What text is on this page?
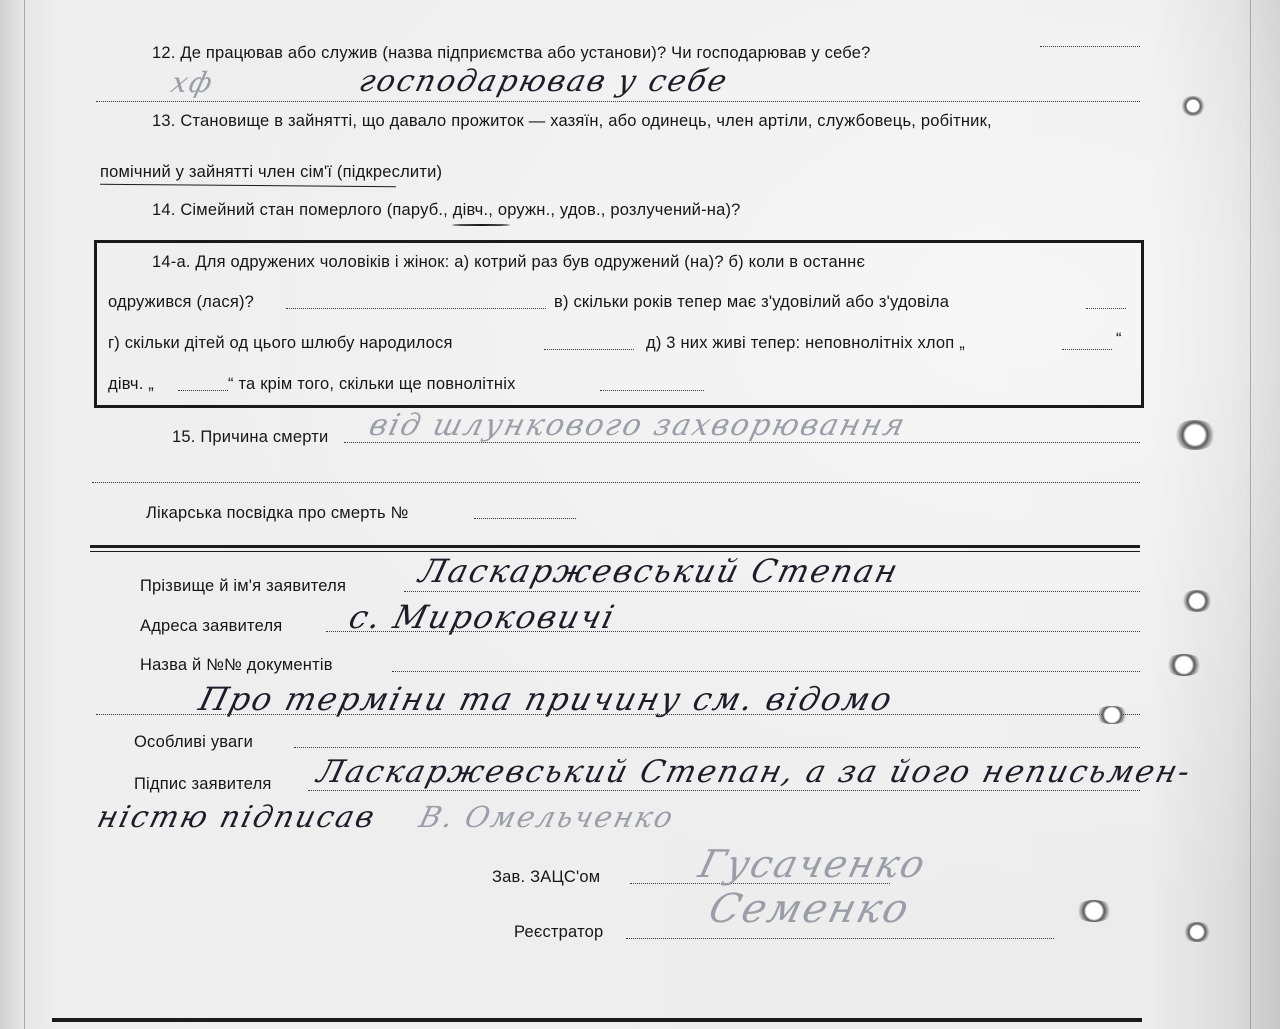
12. Де працював або служив (назва підприємства або установи)? Чи господарював у себе?
хф	господарював у себе
13. Становище в зайнятті, що давало прожиток — хазяїн, або одинець, член артіли, службовець, робітник,
помічний у зайнятті член сім'ї (підкреслити)
14. Сімейний стан померлого (паруб., дівч., оружн., удов., розлучений-на)?
14-а. Для одружених чоловіків і жінок: а) котрий раз був одружений (на)? б) коли в останнє
одружився (лася)?	в) скільки років тепер має з'удовілий або з'удовіла
г) скільки дітей од цього шлюбу народилося	д) 3 них живі тепер: неповнолітніх хлоп „	“
дівч. „	“ та крім того, скільки ще повнолітніх
15. Причина смерти від шлункового захворювання
Лікарська посвідка про смерть №
Прізвище й ім'я заявителя Ласкаржевський Степан
Адреса заявителя с. Мироковичі
Назва й №№ документів
Про терміни та причину см. відомо
Особливі уваги
Підпис заявителя Ласкаржевський Степан, а за його неписьмен-
ністю підписав В. Омельченко
Зав. ЗАЦС'ом Гусаченко
Реєстратор	Семенко
